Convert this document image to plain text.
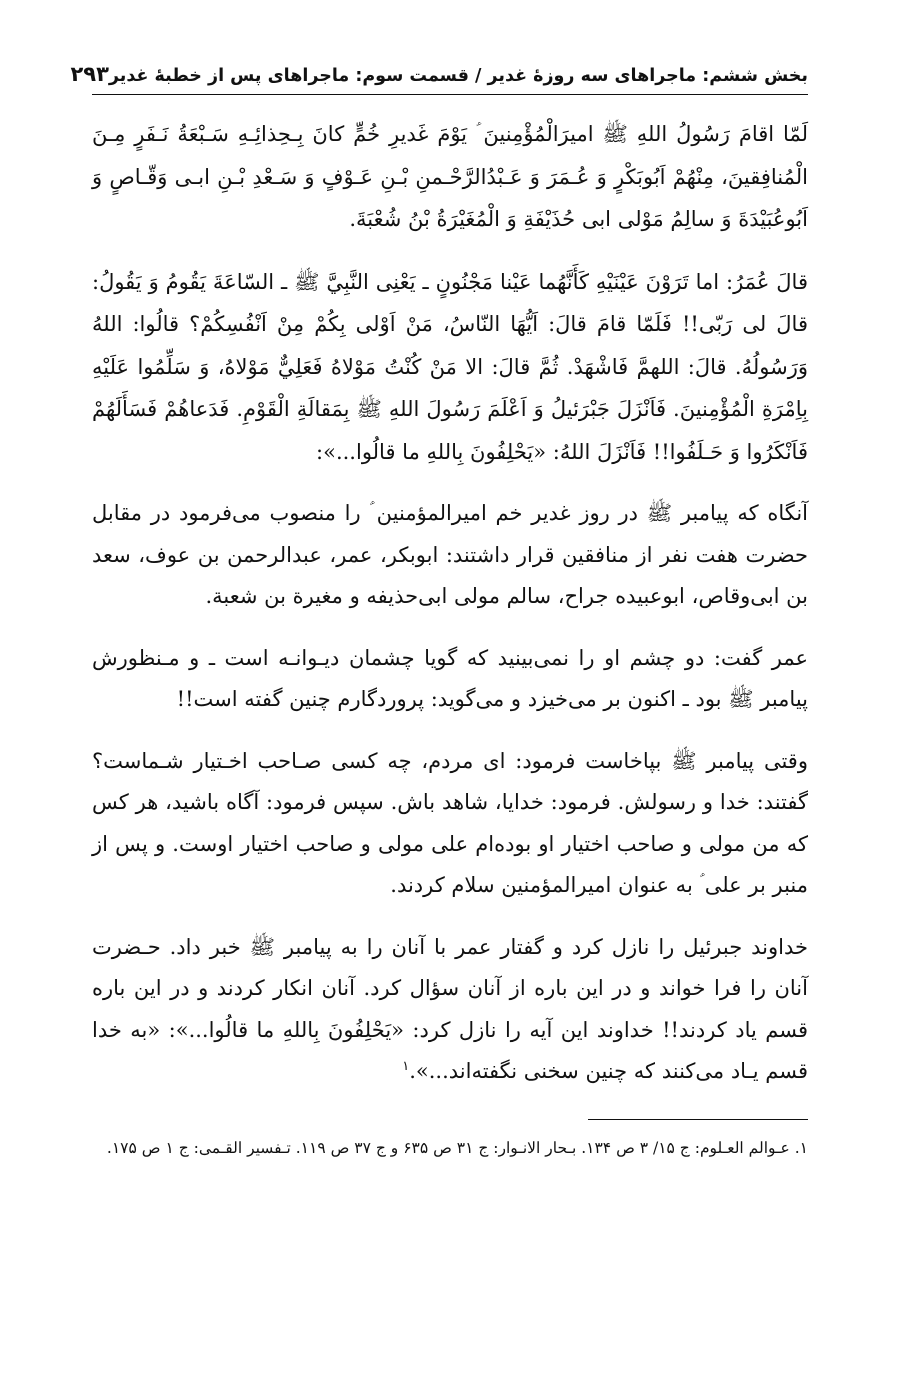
بخش ششم: ماجراهای سه روزهٔ غدیر / قسمت سوم: ماجراهای پس از خطبهٔ غدیر
۲۹۳

لَمّا اقامَ رَسُولُ اللهِ ﷺ اميرَالْمُؤْمِنينَ ؑ يَوْمَ غَديرِ خُمٍّ كانَ بِـحِذائِـهِ سَـبْعَةُ نَـفَرٍ مِـنَ الْمُنافِقينَ، مِنْهُمْ اَبُوبَكْرٍ وَ عُـمَرَ وَ عَـبْدُالرَّحْـمنِ بْـنِ عَـوْفٍ وَ سَـعْدِ بْـنِ ابـى وَقّـاصٍ وَ اَبُوعُبَيْدَةَ وَ سالِمُ مَوْلى ابى حُذَيْفَةِ وَ الْمُغَيْرَةُ بْنُ شُعْبَةَ.

قالَ عُمَرُ: اما تَرَوْنَ عَيْنَيْهِ كَأَنَّهُما عَيْنا مَجْنُونٍ ـ يَعْنِى النَّبِيَّ ﷺ ـ السّاعَةَ يَقُومُ وَ يَقُولُ: قالَ لى رَبّى!! فَلَمّا قامَ قالَ: اَيُّهَا النّاسُ، مَنْ اَوْلى بِكُمْ مِنْ اَنْفُسِكُمْ؟ قالُوا: اللهُ وَرَسُولُهُ. قالَ: اللهمَّ فَاشْهَدْ. ثُمَّ قالَ: الا مَنْ كُنْتُ مَوْلاهُ فَعَلِيٌّ مَوْلاهُ، وَ سَلِّمُوا عَلَيْهِ بِاِمْرَةِ الْمُؤْمِنينَ. فَاَنْزَلَ جَبْرَئيلُ وَ اَعْلَمَ رَسُولَ اللهِ ﷺ بِمَقالَةِ الْقَوْمِ. فَدَعاهُمْ فَسَأَلَهُمْ فَاَنْكَرُوا وَ حَـلَفُوا!! فَاَنْزَلَ اللهُ: «يَحْلِفُونَ بِاللهِ ما قالُوا...»:

آنگاه كه پيامبر ﷺ در روز غدير خم اميرالمؤمنين ؑ را منصوب مى‌فرمود در مقابل حضرت هفت نفر از منافقين قرار داشتند: ابوبكر، عمر، عبدالرحمن بن عوف، سعد بن ابى‌وقاص، ابوعبيده جراح، سالم مولى ابى‌حذيفه و مغيرة بن شعبة.

عمر گفت: دو چشم او را نمى‌بينيد كه گويا چشمان ديـوانـه است ـ و مـنظورش پيامبر ﷺ بود ـ اكنون بر مى‌خيزد و مى‌گويد: پروردگارم چنين گفته است!!

وقتى پيامبر ﷺ بپاخاست فرمود: اى مردم، چه كسى صـاحب اخـتيار شـماست؟ گفتند: خدا و رسولش. فرمود: خدايا، شاهد باش. سپس فرمود: آگاه باشيد، هر كس كه من مولى و صاحب اختيار او بوده‌ام على مولى و صاحب اختيار اوست. و پس از منبر بر على ؑ به عنوان اميرالمؤمنين سلام كردند.

خداوند جبرئيل را نازل كرد و گفتار عمر با آنان را به پيامبر ﷺ خبر داد. حـضرت آنان را فرا خواند و در اين باره از آنان سؤال كرد. آنان انكار كردند و در اين باره قسم ياد كردند!! خداوند اين آيه را نازل كرد: «يَحْلِفُونَ بِاللهِ ما قالُوا...»: «به خدا قسم يـاد مى‌كنند كه چنين سخنى نگفته‌اند...».$^۱$

۱. عـوالم العـلوم: ج ۱۵/ ۳ ص ۱۳۴. بـحار الانـوار: ج ۳۱ ص ۶۳۵ و ج ۳۷ ص ۱۱۹. تـفسير القـمى: ج ۱ ص ۱۷۵.
